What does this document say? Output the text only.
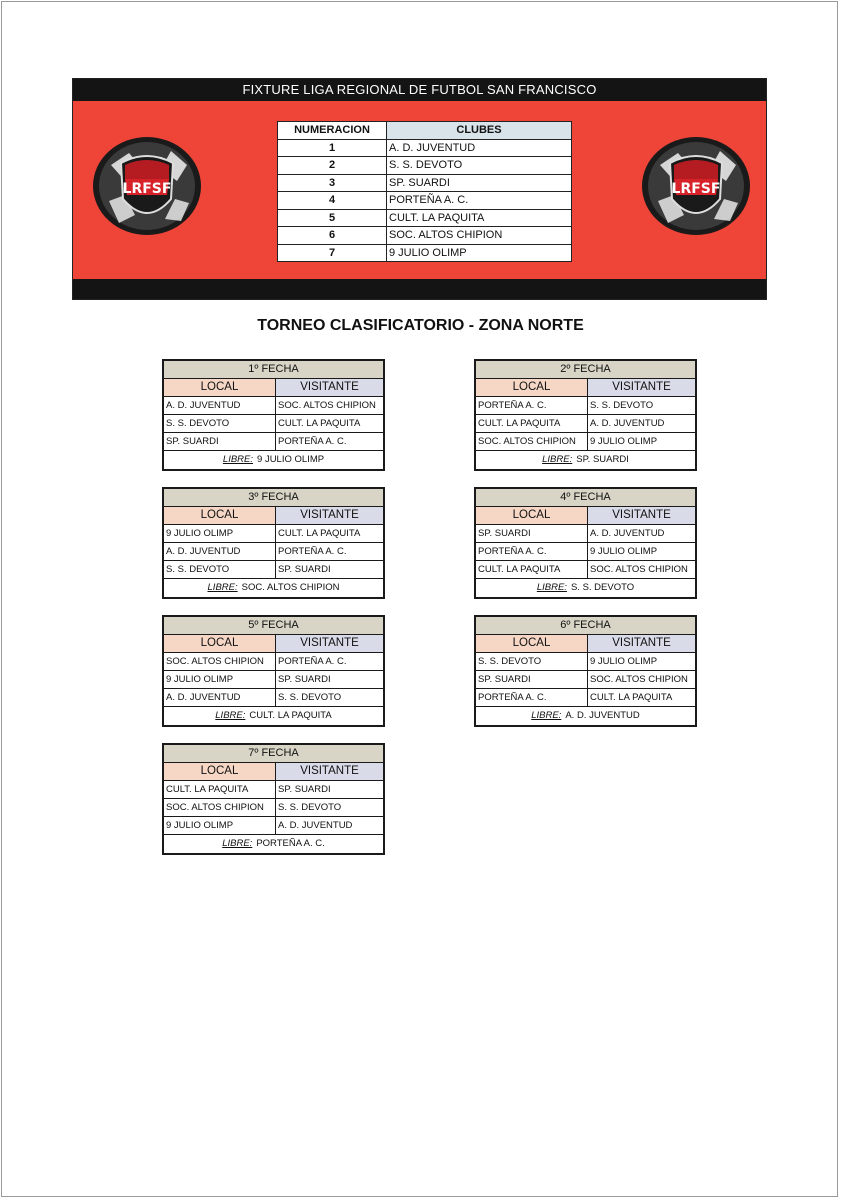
FIXTURE LIGA REGIONAL DE FUTBOL SAN FRANCISCO
LRFSF	LRFSF
NUMERACION	CLUBES
1	A. D. JUVENTUD
2	S. S. DEVOTO
3	SP. SUARDI
4	PORTEÑA A. C.
5	CULT. LA PAQUITA
6	SOC. ALTOS CHIPION
7	9 JULIO OLIMP
TORNEO CLASIFICATORIO - ZONA NORTE
1º FECHA
LOCAL	VISITANTE
A. D. JUVENTUD	SOC. ALTOS CHIPION
S. S. DEVOTO	CULT. LA PAQUITA
SP. SUARDI	PORTEÑA A. C.
LIBRE: 9 JULIO OLIMP
2º FECHA
LOCAL	VISITANTE
PORTEÑA A. C.	S. S. DEVOTO
CULT. LA PAQUITA	A. D. JUVENTUD
SOC. ALTOS CHIPION	9 JULIO OLIMP
LIBRE: SP. SUARDI
3º FECHA
LOCAL	VISITANTE
9 JULIO OLIMP	CULT. LA PAQUITA
A. D. JUVENTUD	PORTEÑA A. C.
S. S. DEVOTO	SP. SUARDI
LIBRE: SOC. ALTOS CHIPION
4º FECHA
LOCAL	VISITANTE
SP. SUARDI	A. D. JUVENTUD
PORTEÑA A. C.	9 JULIO OLIMP
CULT. LA PAQUITA	SOC. ALTOS CHIPION
LIBRE: S. S. DEVOTO
5º FECHA
LOCAL	VISITANTE
SOC. ALTOS CHIPION	PORTEÑA A. C.
9 JULIO OLIMP	SP. SUARDI
A. D. JUVENTUD	S. S. DEVOTO
LIBRE: CULT. LA PAQUITA
6º FECHA
LOCAL	VISITANTE
S. S. DEVOTO	9 JULIO OLIMP
SP. SUARDI	SOC. ALTOS CHIPION
PORTEÑA A. C.	CULT. LA PAQUITA
LIBRE: A. D. JUVENTUD
7º FECHA
LOCAL	VISITANTE
CULT. LA PAQUITA	SP. SUARDI
SOC. ALTOS CHIPION	S. S. DEVOTO
9 JULIO OLIMP	A. D. JUVENTUD
LIBRE: PORTEÑA A. C.
